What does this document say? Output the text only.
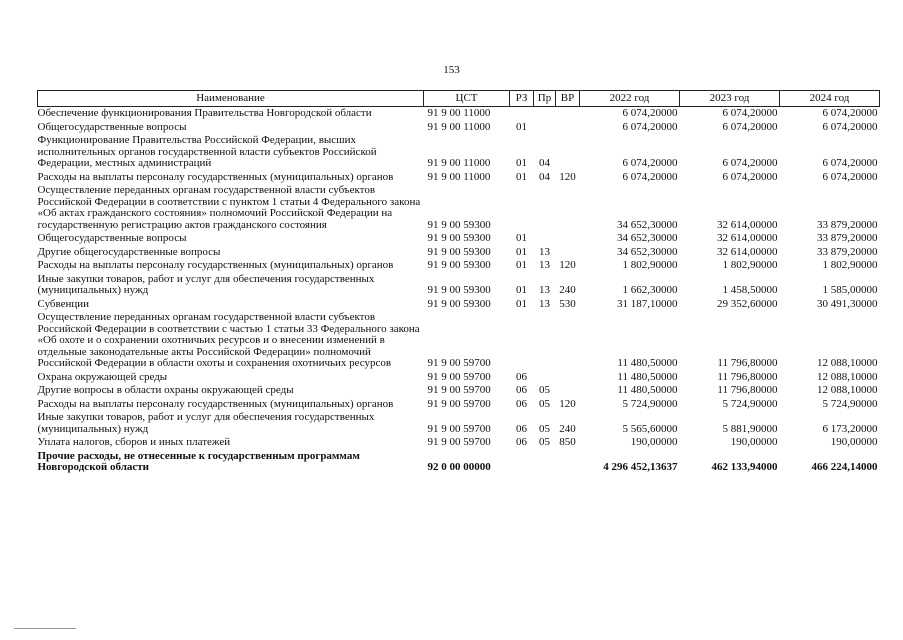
153
Наименование	ЦСТ	РЗ	Пр	ВР	2022 год	2023 год	2024 год
Обеспечение функционирования Правительства Новгородской области	91 9 00 11000				6 074,20000	6 074,20000	6 074,20000
Общегосударственные вопросы	91 9 00 11000	01			6 074,20000	6 074,20000	6 074,20000
Функционирование Правительства Российской Федерации, высших исполнительных органов государственной власти субъектов Российской Федерации, местных администраций	91 9 00 11000	01	04		6 074,20000	6 074,20000	6 074,20000
Расходы на выплаты персоналу государственных (муниципальных) органов	91 9 00 11000	01	04	120	6 074,20000	6 074,20000	6 074,20000
Осуществление переданных органам государственной власти субъектов Российской Федерации в соответствии с пунктом 1 статьи 4 Федерального закона «Об актах гражданского состояния» полномочий Российской Федерации на государственную регистрацию актов гражданского состояния	91 9 00 59300				34 652,30000	32 614,00000	33 879,20000
Общегосударственные вопросы	91 9 00 59300	01			34 652,30000	32 614,00000	33 879,20000
Другие общегосударственные вопросы	91 9 00 59300	01	13		34 652,30000	32 614,00000	33 879,20000
Расходы на выплаты персоналу государственных (муниципальных) органов	91 9 00 59300	01	13	120	1 802,90000	1 802,90000	1 802,90000
Иные закупки товаров, работ и услуг для обеспечения государственных (муниципальных) нужд	91 9 00 59300	01	13	240	1 662,30000	1 458,50000	1 585,00000
Субвенции	91 9 00 59300	01	13	530	31 187,10000	29 352,60000	30 491,30000
Осуществление переданных органам государственной власти субъектов Российской Федерации в соответствии с частью 1 статьи 33 Федерального закона «Об охоте и о сохранении охотничьих ресурсов и о внесении изменений в отдельные законодательные акты Российской Федерации» полномочий Российской Федерации в области охоты и сохранения охотничьих ресурсов	91 9 00 59700				11 480,50000	11 796,80000	12 088,10000
Охрана окружающей среды	91 9 00 59700	06			11 480,50000	11 796,80000	12 088,10000
Другие вопросы в области охраны окружающей среды	91 9 00 59700	06	05		11 480,50000	11 796,80000	12 088,10000
Расходы на выплаты персоналу государственных (муниципальных) органов	91 9 00 59700	06	05	120	5 724,90000	5 724,90000	5 724,90000
Иные закупки товаров, работ и услуг для обеспечения государственных (муниципальных) нужд	91 9 00 59700	06	05	240	5 565,60000	5 881,90000	6 173,20000
Уплата налогов, сборов и иных платежей	91 9 00 59700	06	05	850	190,00000	190,00000	190,00000
Прочие расходы, не отнесенные к государственным программам Новгородской области	92 0 00 00000				4 296 452,13637	462 133,94000	466 224,14000
